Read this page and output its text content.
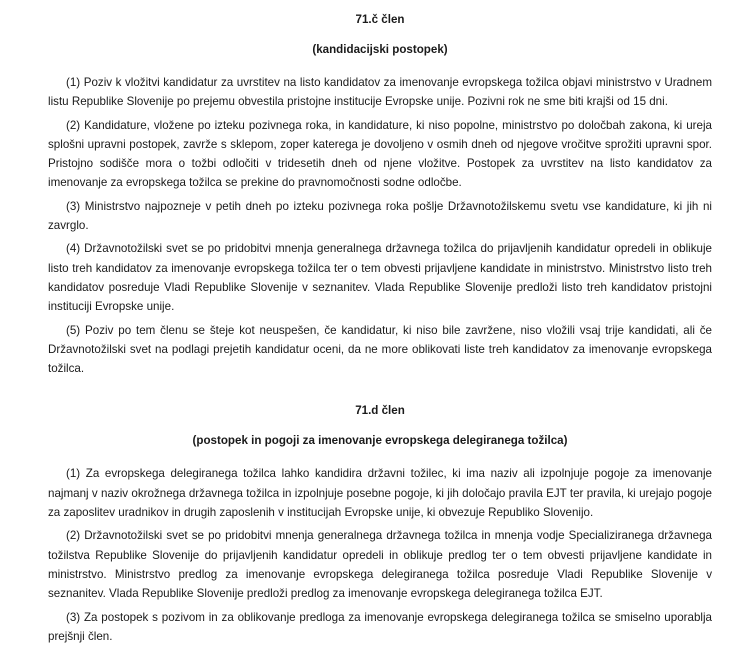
71.č člen

(kandidacijski postopek)

(1) Poziv k vložitvi kandidatur za uvrstitev na listo kandidatov za imenovanje evropskega tožilca objavi ministrstvo v Uradnem listu Republike Slovenije po prejemu obvestila pristojne institucije Evropske unije. Pozivni rok ne sme biti krajši od 15 dni.

(2) Kandidature, vložene po izteku pozivnega roka, in kandidature, ki niso popolne, ministrstvo po določbah zakona, ki ureja splošni upravni postopek, zavrže s sklepom, zoper katerega je dovoljeno v osmih dneh od njegove vročitve sprožiti upravni spor. Pristojno sodišče mora o tožbi odločiti v tridesetih dneh od njene vložitve. Postopek za uvrstitev na listo kandidatov za imenovanje za evropskega tožilca se prekine do pravnomočnosti sodne odločbe.

(3) Ministrstvo najpozneje v petih dneh po izteku pozivnega roka pošlje Državnotožilskemu svetu vse kandidature, ki jih ni zavrglo.

(4) Državnotožilski svet se po pridobitvi mnenja generalnega državnega tožilca do prijavljenih kandidatur opredeli in oblikuje listo treh kandidatov za imenovanje evropskega tožilca ter o tem obvesti prijavljene kandidate in ministrstvo. Ministrstvo listo treh kandidatov posreduje Vladi Republike Slovenije v seznanitev. Vlada Republike Slovenije predloži listo treh kandidatov pristojni instituciji Evropske unije.

(5) Poziv po tem členu se šteje kot neuspešen, če kandidatur, ki niso bile zavržene, niso vložili vsaj trije kandidati, ali če Državnotožilski svet na podlagi prejetih kandidatur oceni, da ne more oblikovati liste treh kandidatov za imenovanje evropskega tožilca.

71.d člen

(postopek in pogoji za imenovanje evropskega delegiranega tožilca)

(1) Za evropskega delegiranega tožilca lahko kandidira državni tožilec, ki ima naziv ali izpolnjuje pogoje za imenovanje najmanj v naziv okrožnega državnega tožilca in izpolnjuje posebne pogoje, ki jih določajo pravila EJT ter pravila, ki urejajo pogoje za zaposlitev uradnikov in drugih zaposlenih v institucijah Evropske unije, ki obvezuje Republiko Slovenijo.

(2) Državnotožilski svet se po pridobitvi mnenja generalnega državnega tožilca in mnenja vodje Specializiranega državnega tožilstva Republike Slovenije do prijavljenih kandidatur opredeli in oblikuje predlog ter o tem obvesti prijavljene kandidate in ministrstvo. Ministrstvo predlog za imenovanje evropskega delegiranega tožilca posreduje Vladi Republike Slovenije v seznanitev. Vlada Republike Slovenije predloži predlog za imenovanje evropskega delegiranega tožilca EJT.

(3) Za postopek s pozivom in za oblikovanje predloga za imenovanje evropskega delegiranega tožilca se smiselno uporablja prejšnji člen.
